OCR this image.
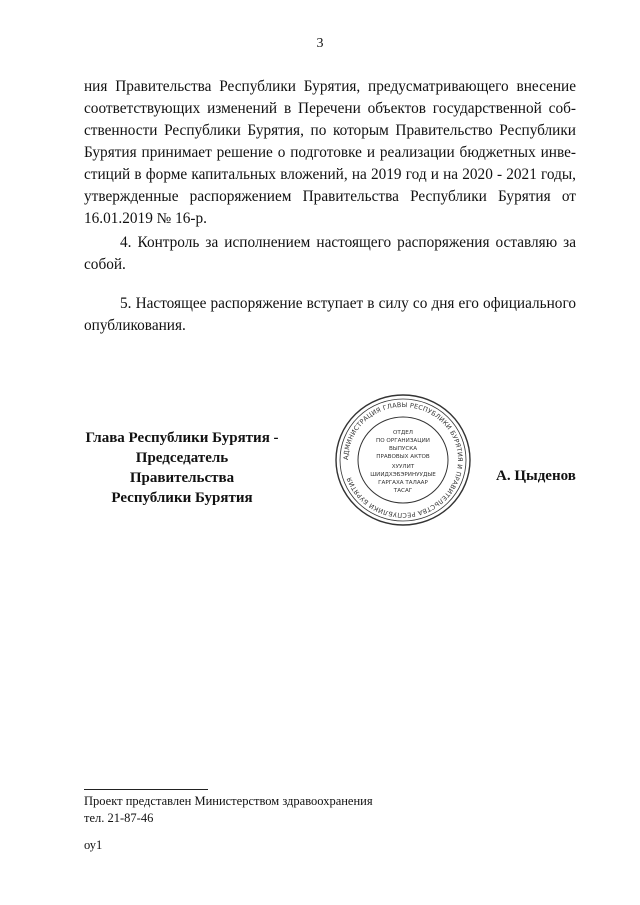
3
ния Правительства Республики Бурятия, предусматривающего внесение
соответствующих изменений в Перечени объектов государственной соб-
ственности Республики Бурятия, по которым Правительство Республики
Бурятия принимает решение о подготовке и реализации бюджетных инве-
стиций в форме капитальных вложений, на 2019 год и на 2020 - 2021 годы,
утвержденные распоряжением Правительства Республики Бурятия от
16.01.2019 № 16-р.
4. Контроль за исполнением настоящего распоряжения оставляю за
собой.
5. Настоящее распоряжение вступает в силу со дня его официального
опубликования.
Глава Республики Бурятия -
Председатель Правительства
Республики Бурятия
АДМИНИСТРАЦИЯ ГЛАВЫ РЕСПУБЛИКИ БУРЯТИЯ И ПРАВИТЕЛЬСТВА РЕСПУБЛИКИ БУРЯТИЯ
ОТДЕЛ
ПО ОРГАНИЗАЦИИ
ВЫПУСКА
ПРАВОВЫХ АКТОВ
ХУУЛИТ
ШИИДХЭБЭРИНУУДЫЕ
ГАРГАХА ТАЛААР
ТАСАГ
А. Цыденов
Проект представлен Министерством здравоохранения
тел. 21-87-46
оу1
